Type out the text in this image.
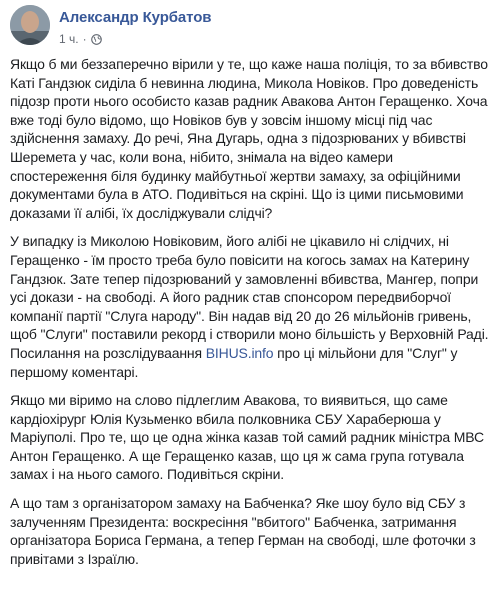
Александр Курбатов
1 ч. ·

Якщо б ми беззаперечно вірили у те, що каже наша поліція, то за вбивство Каті Гандзюк сиділа б невинна людина, Микола Новіков. Про доведеність підозр проти нього особисто казав радник Авакова Антон Геращенко. Хоча вже тоді було відомо, що Новіков був у зовсім іншому місці під час здійснення замаху. До речі, Яна Дугарь, одна з підозрюваних у вбивстві Шеремета у час, коли вона, нібито, знімала на відео камери спостереження біля будинку майбутньої жертви замаху, за офіційними документами була в АТО. Подивіться на скріні. Що із цими письмовими доказами її алібі, їх досліджували слідчі?

У випадку із Миколою Новіковим, його алібі не цікавило ні слідчих, ні Геращенко - їм просто треба було повісити на когось замах на Катерину Гандзюк. Зате тепер підозрюваний у замовленні вбивства, Мангер, попри усі докази - на свободі. А його радник став спонсором передвиборчої компанії партії "Слуга народу". Він надав від 20 до 26 мільйонів гривень, щоб "Слуги" поставили рекорд і створили моно більшість у Верховній Раді.
Посилання на розслідуваання BIHUS.info про ці мільйони для "Слуг" у першому коментарі.

Якщо ми віримо на слово підлеглим Авакова, то виявиться, що саме кардіохірург Юлія Кузьменко вбила полковника СБУ Хараберюша у Маріуполі. Про те, що це одна жінка казав той самий радник міністра МВС Антон Геращенко. А ще Геращенко казав, що ця ж сама група готувала замах і на нього самого. Подивіться скріни.

А що там з організатором замаху на Бабченка? Яке шоу було від СБУ з залученням Президента: воскресіння "вбитого" Бабченка, затримання організатора Бориса Германа, а тепер Герман на свободі, шле фоточки з привітами з Ізраїлю.
